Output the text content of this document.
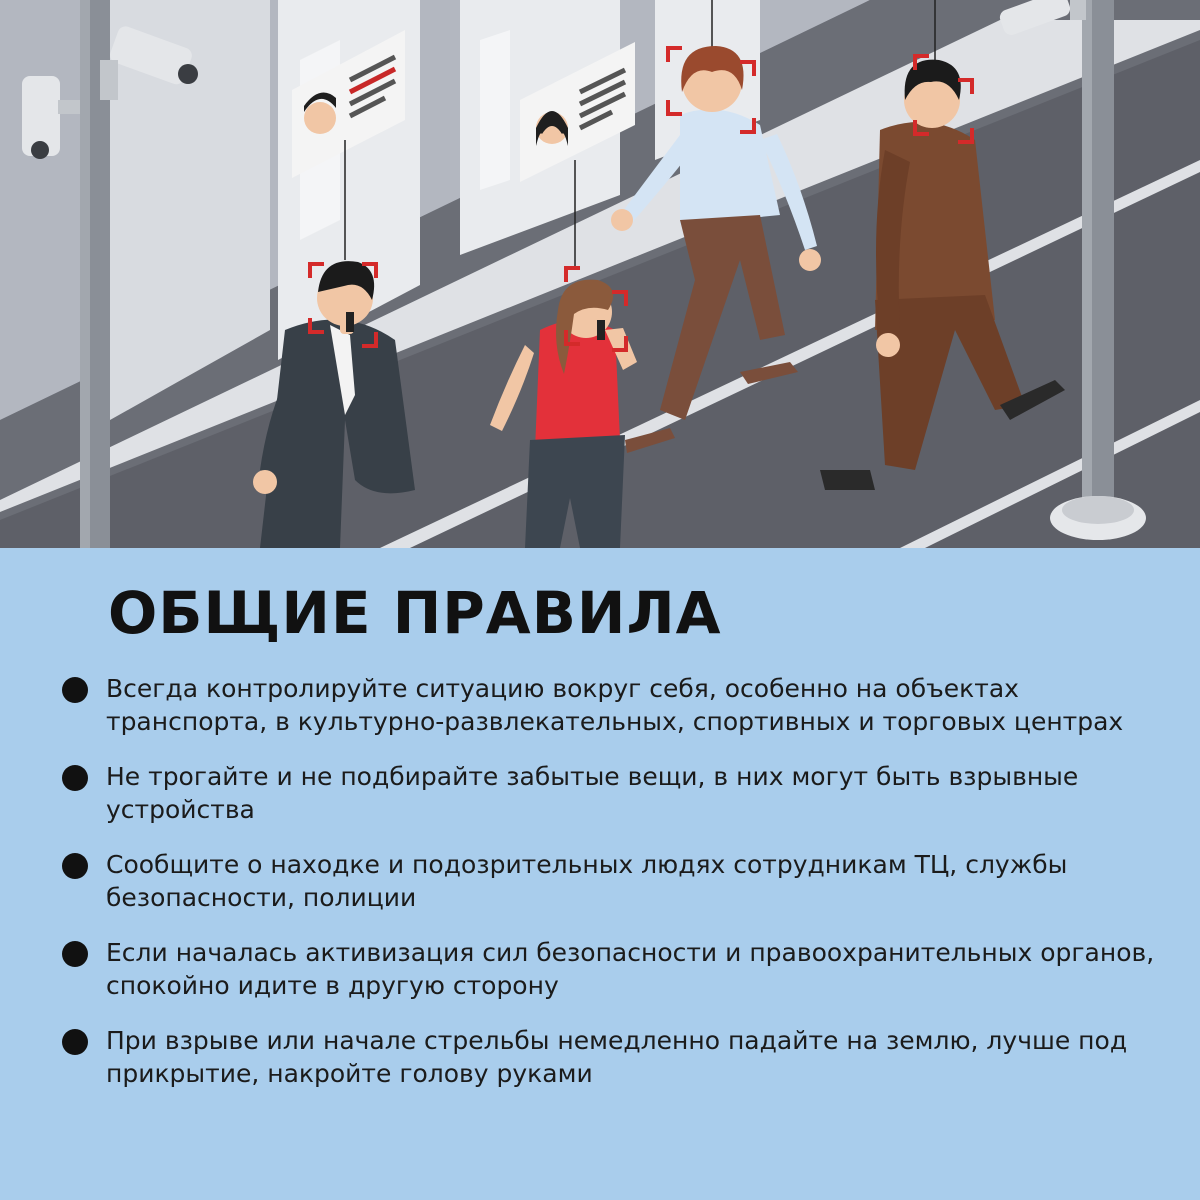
ОБЩИЕ ПРАВИЛА
Всегда контролируйте ситуацию вокруг себя, особенно на объектах транспорта, в культурно-развлекательных, спортивных и торговых центрах
Не трогайте и не подбирайте забытые вещи, в них могут быть взрывные устройства
Сообщите о находке и подозрительных людях сотрудникам ТЦ, службы безопасности, полиции
Если началась активизация сил безопасности и правоохранительных органов, спокойно идите в другую сторону
При взрыве или начале стрельбы немедленно падайте на землю, лучше под прикрытие, накройте голову руками
